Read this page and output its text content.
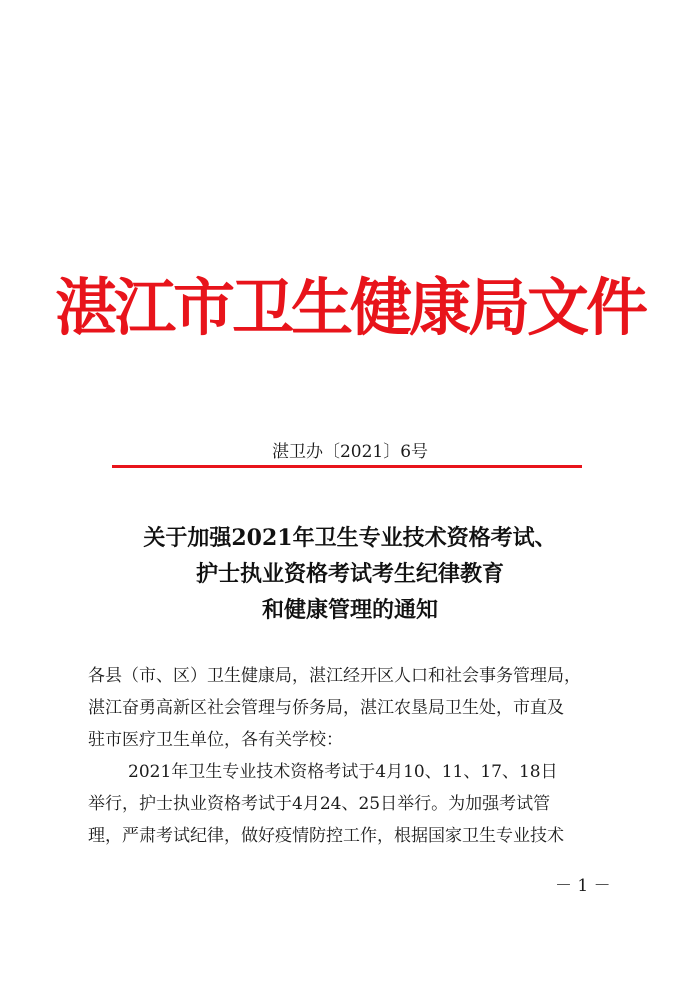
湛江市卫生健康局文件
湛卫办〔2021〕6号
关于加强2021年卫生专业技术资格考试、
护士执业资格考试考生纪律教育
和健康管理的通知

各县（市、区）卫生健康局，湛江经开区人口和社会事务管理局，

湛江奋勇高新区社会管理与侨务局，湛江农垦局卫生处，市直及

驻市医疗卫生单位，各有关学校：

2021年卫生专业技术资格考试于4月10、11、17、18日

举行，护士执业资格考试于4月24、25日举行。为加强考试管

理，严肃考试纪律，做好疫情防控工作，根据国家卫生专业技术

－ 1 －
